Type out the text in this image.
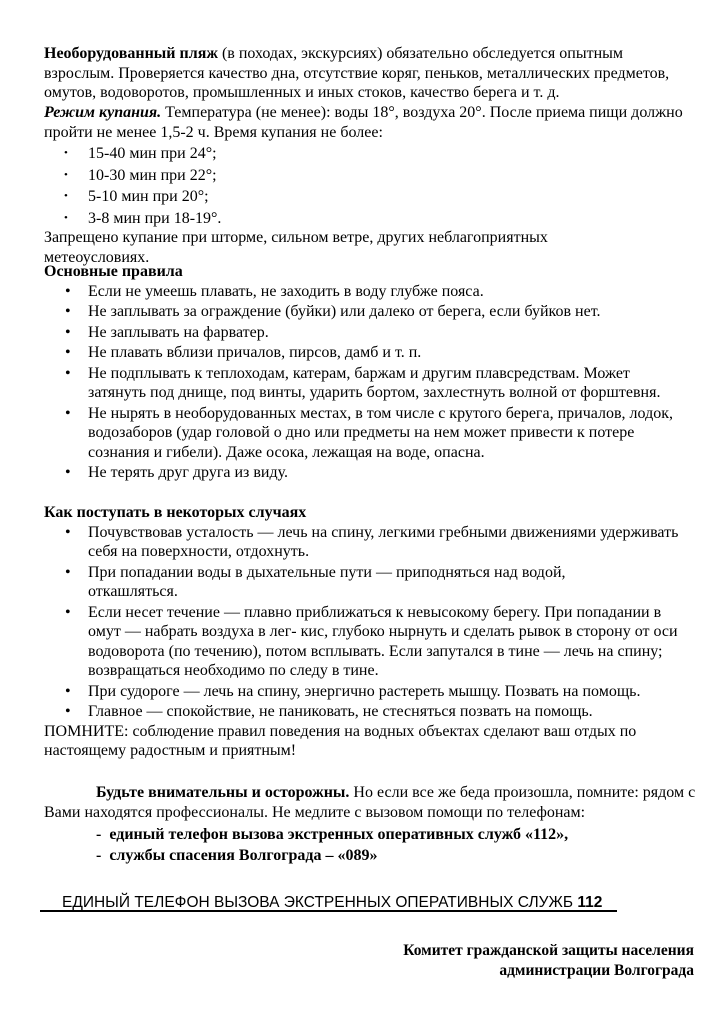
Необорудованный пляж (в походах, экскурсиях) обязательно обследуется опытным взрослым. Проверяется качество дна, отсутствие коряг, пеньков, металлических предметов, омутов, водоворотов, промышленных и иных стоков, качество берега и т. д.

Режим купания. Температура (не менее): воды 18°, воздуха 20°. После приема пищи должно пройти не менее 1,5-2 ч. Время купания не более:

• 15-40 мин при 24°;
• 10-30 мин при 22°;
• 5-10 мин при 20°;
• 3-8 мин при 18-19°.

Запрещено купание при шторме, сильном ветре, других неблагоприятных метеоусловиях.

Основные правила

• Если не умеешь плавать, не заходить в воду глубже пояса.
• Не заплывать за ограждение (буйки) или далеко от берега, если буйков нет.
• Не заплывать на фарватер.
• Не плавать вблизи причалов, пирсов, дамб и т. п.
• Не подплывать к теплоходам, катерам, баржам и другим плавсредствам. Может затянуть под днище, под винты, ударить бортом, захлестнуть волной от форштевня.
• Не нырять в необорудованных местах, в том числе с крутого берега, причалов, лодок, водозаборов (удар головой о дно или предметы на нем может привести к потере сознания и гибели). Даже осока, лежащая на воде, опасна.
• Не терять друг друга из виду.

Как поступать в некоторых случаях

• Почувствовав усталость — лечь на спину, легкими гребными движениями удерживать себя на поверхности, отдохнуть.
• При попадании воды в дыхательные пути — приподняться над водой, откашляться.
• Если несет течение — плавно приближаться к невысокому берегу. При попадании в омут — набрать воздуха в лег- кис, глубоко нырнуть и сделать рывок в сторону от оси водоворота (по течению), потом всплывать. Если запутался в тине — лечь на спину; возвращаться необходимо по следу в тине.
• При судороге — лечь на спину, энергично растереть мышцу. Позвать на помощь.
• Главное — спокойствие, не паниковать, не стесняться позвать на помощь.

ПОМНИТЕ: соблюдение правил поведения на водных объектах сделают ваш отдых по настоящему радостным и приятным!

Будьте внимательны и осторожны. Но если все же беда произошла, помните: рядом с Вами находятся профессионалы. Не медлите с вызовом помощи по телефонам:

-  единый телефон вызова экстренных оперативных служб «112»,
-  службы спасения Волгограда – «089»
ЕДИНЫЙ ТЕЛЕФОН ВЫЗОВА ЭКСТРЕННЫХ ОПЕРАТИВНЫХ СЛУЖБ 112
Комитет гражданской защиты населения
администрации Волгограда
